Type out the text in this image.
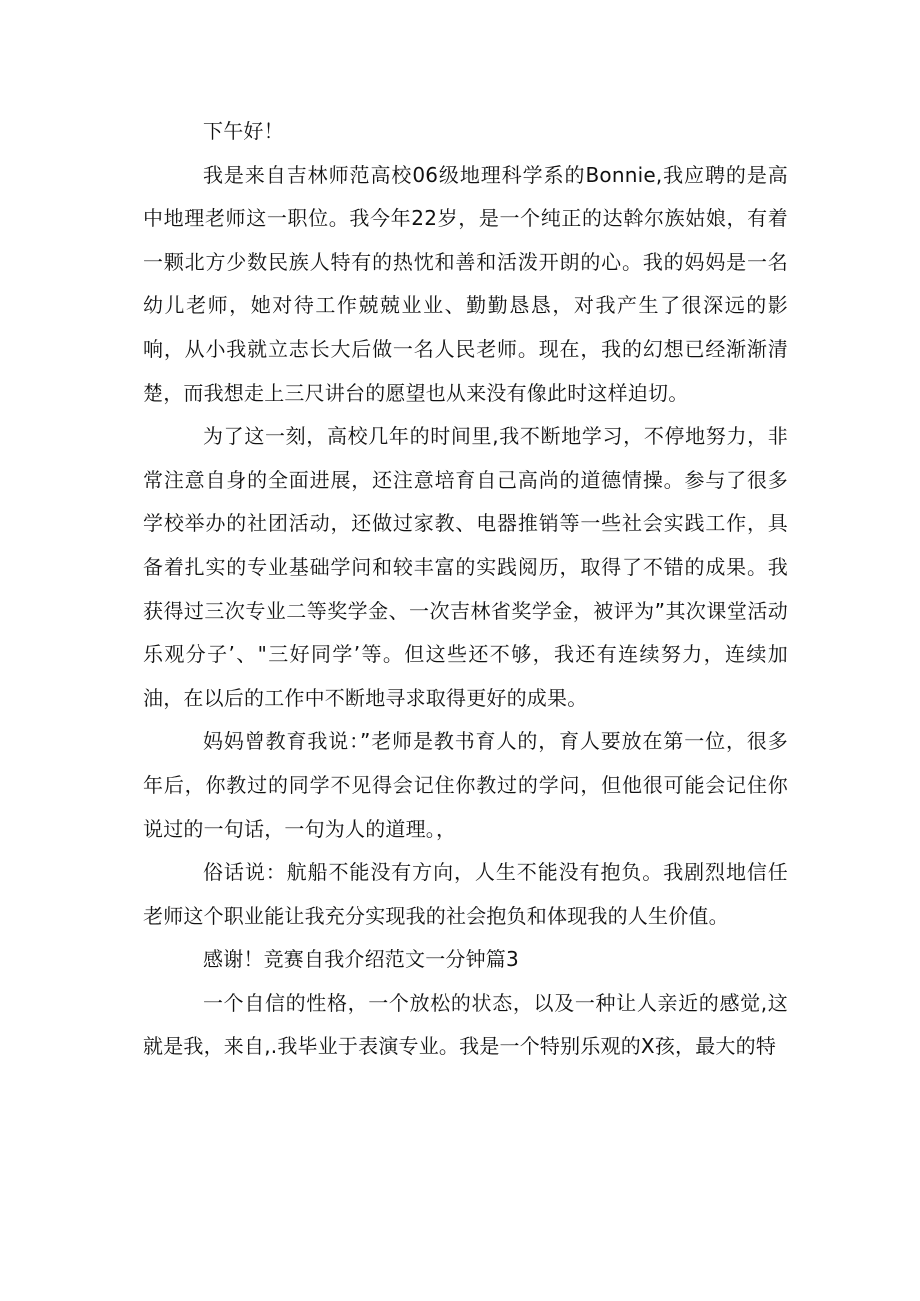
下午好！

我是来自吉林师范高校06级地理科学系的Bonnie,我应聘的是高中地理老师这一职位。我今年22岁，是一个纯正的达斡尔族姑娘，有着一颗北方少数民族人特有的热忱和善和活泼开朗的心。我的妈妈是一名幼儿老师，她对待工作兢兢业业、勤勤恳恳，对我产生了很深远的影响，从小我就立志长大后做一名人民老师。现在，我的幻想已经渐渐清楚，而我想走上三尺讲台的愿望也从来没有像此时这样迫切。

为了这一刻，高校几年的时间里,我不断地学习，不停地努力，非常注意自身的全面进展，还注意培育自己高尚的道德情操。参与了很多学校举办的社团活动，还做过家教、电器推销等一些社会实践工作，具备着扎实的专业基础学问和较丰富的实践阅历，取得了不错的成果。我获得过三次专业二等奖学金、一次吉林省奖学金，被评为”其次课堂活动乐观分子’、"三好同学’等。但这些还不够，我还有连续努力，连续加油，在以后的工作中不断地寻求取得更好的成果。

妈妈曾教育我说：”老师是教书育人的，育人要放在第一位，很多年后，你教过的同学不见得会记住你教过的学问，但他很可能会记住你说过的一句话，一句为人的道理。，

俗话说：航船不能没有方向，人生不能没有抱负。我剧烈地信任老师这个职业能让我充分实现我的社会抱负和体现我的人生价值。

感谢！竞赛自我介绍范文一分钟篇3

一个自信的性格，一个放松的状态，以及一种让人亲近的感觉,这就是我，来自,.我毕业于表演专业。我是一个特别乐观的X孩，最大的特
